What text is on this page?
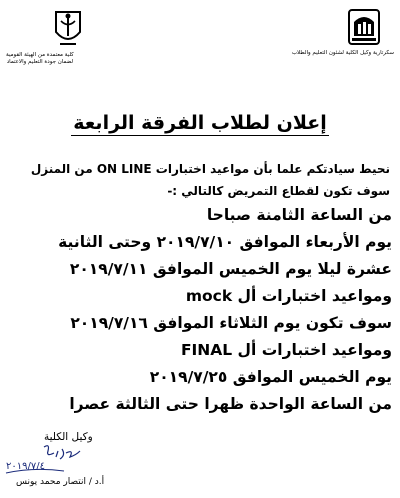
سكرتارية وكيل الكلية لشئون التعليم والطلاب
كلية معتمدة من الهيئة القومية
لضمان جودة التعليم والاعتماد
إعلان لطلاب الفرقة الرابعة
نحيط سيادتكم علما بأن مواعيد اختبارات ON LINE من المنزل
سوف تكون لقطاع التمريض كالتالي :-
من الساعة الثامنة صباحا
يوم الأربعاء الموافق ٢٠١٩/٧/١٠ وحتى الثانية
عشرة ليلا يوم الخميس الموافق ٢٠١٩/٧/١١
ومواعيد اختبارات أل mock
سوف تكون يوم الثلاثاء الموافق ٢٠١٩/٧/١٦
ومواعيد اختبارات أل FINAL
يوم الخميس الموافق ٢٠١٩/٧/٢٥
من الساعة الواحدة ظهرا حتى الثالثة عصرا
وكيل الكلية
٢٠١٩/٧/٤
أ.د / انتصار محمد يونس
